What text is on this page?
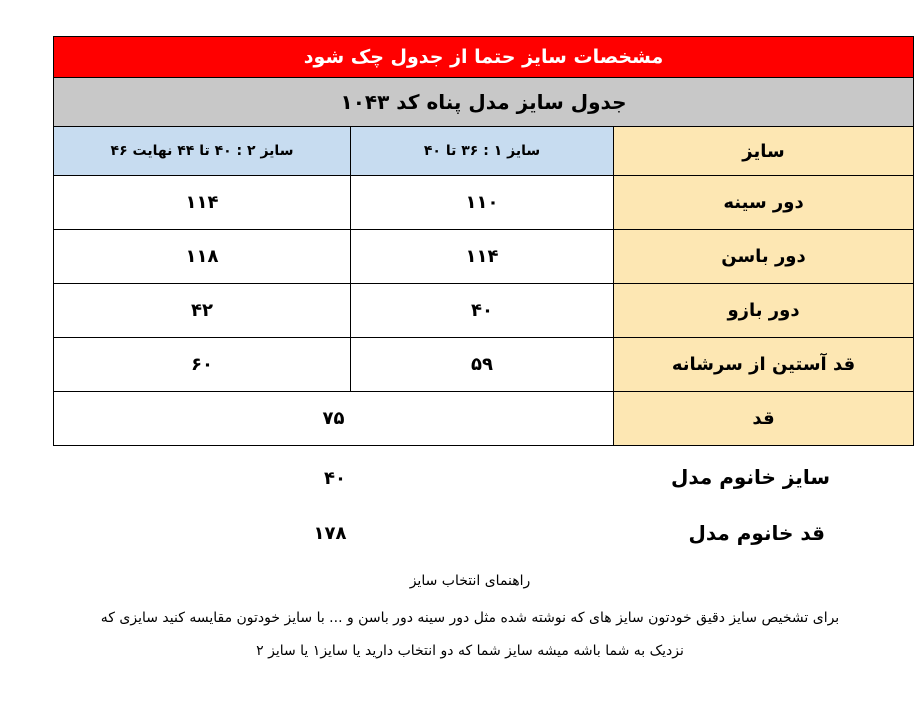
مشخصات سایز حتما از جدول چک شود		
جدول سایز مدل پناه کد ۱۰۴۳		
سایز	سایز ۱ : ۳۶ تا ۴۰	سایز ۲ : ۴۰ تا ۴۴ نهایت ۴۶
دور سینه	۱۱۰	۱۱۴
دور باسن	۱۱۴	۱۱۸
دور بازو	۴۰	۴۲
قد آستین از سرشانه	۵۹	۶۰
قد	۷۵	
سایز خانوم مدل
۴۰
قد خانوم مدل
۱۷۸
راهنمای انتخاب سایز
برای تشخیص سایز دقیق خودتون سایز های که نوشته شده مثل دور سینه دور باسن و ... با سایز خودتون مقایسه کنید سایزی که
نزدیک به شما باشه میشه سایز شما که دو انتخاب دارید یا سایز۱ یا سایز ۲
